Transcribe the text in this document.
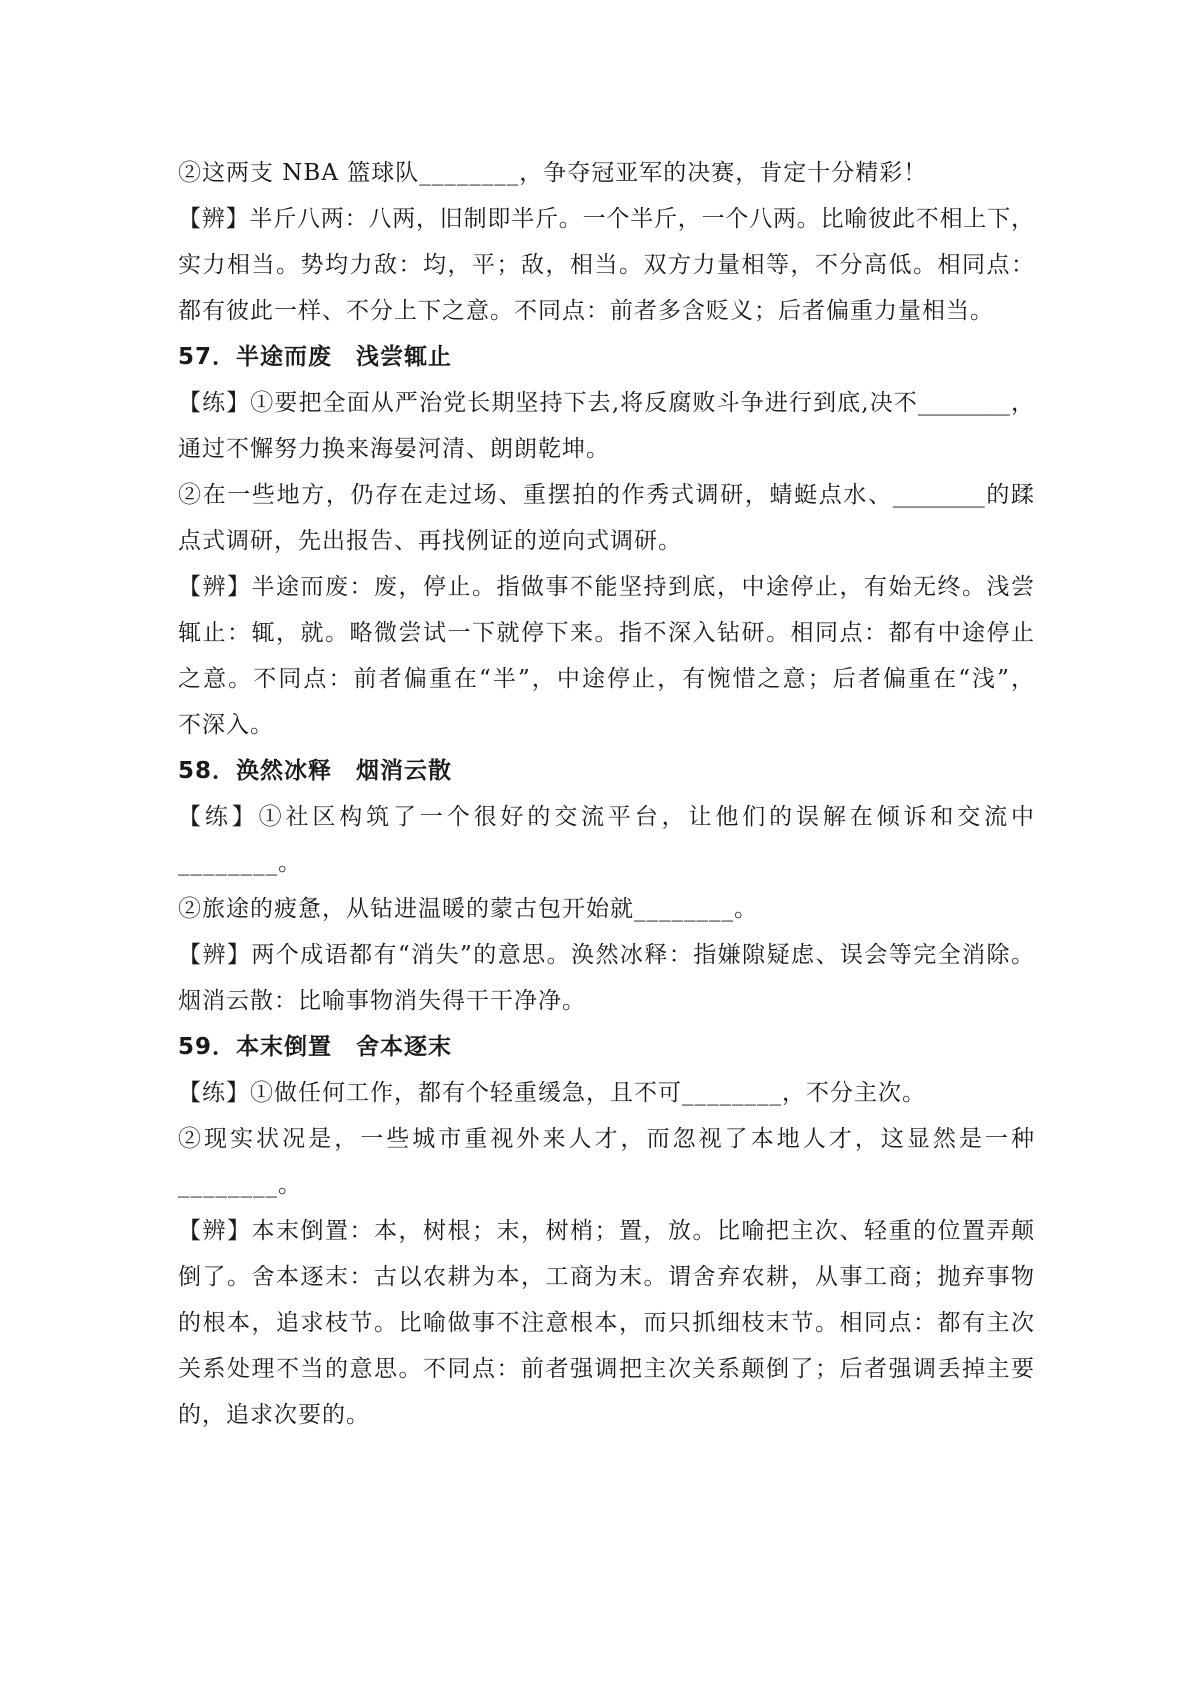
②这两支 NBA 篮球队________，争夺冠亚军的决赛，肯定十分精彩！
【辨】半斤八两：八两，旧制即半斤。一个半斤，一个八两。比喻彼此不相上下，
实力相当。势均力敌：均，平；敌，相当。双方力量相等，不分高低。相同点：
都有彼此一样、不分上下之意。不同点：前者多含贬义；后者偏重力量相当。
57．半途而废　浅尝辄止
【练】①要把全面从严治党长期坚持下去,将反腐败斗争进行到底,决不________，
通过不懈努力换来海晏河清、朗朗乾坤。
②在一些地方，仍存在走过场、重摆拍的作秀式调研，蜻蜓点水、________的蹂
点式调研，先出报告、再找例证的逆向式调研。
【辨】半途而废：废，停止。指做事不能坚持到底，中途停止，有始无终。浅尝
辄止：辄，就。略微尝试一下就停下来。指不深入钻研。相同点：都有中途停止
之意。不同点：前者偏重在“半”，中途停止，有惋惜之意；后者偏重在“浅”，
不深入。
58．涣然冰释　烟消云散
【练】①社区构筑了一个很好的交流平台，让他们的误解在倾诉和交流中
________。
②旅途的疲惫，从钻进温暖的蒙古包开始就________。
【辨】两个成语都有“消失”的意思。涣然冰释：指嫌隙疑虑、误会等完全消除。
烟消云散：比喻事物消失得干干净净。
59．本末倒置　舍本逐末
【练】①做任何工作，都有个轻重缓急，且不可________，不分主次。
②现实状况是，一些城市重视外来人才，而忽视了本地人才，这显然是一种
________。
【辨】本末倒置：本，树根；末，树梢；置，放。比喻把主次、轻重的位置弄颠
倒了。舍本逐末：古以农耕为本，工商为末。谓舍弃农耕，从事工商；抛弃事物
的根本，追求枝节。比喻做事不注意根本，而只抓细枝末节。相同点：都有主次
关系处理不当的意思。不同点：前者强调把主次关系颠倒了；后者强调丢掉主要
的，追求次要的。
